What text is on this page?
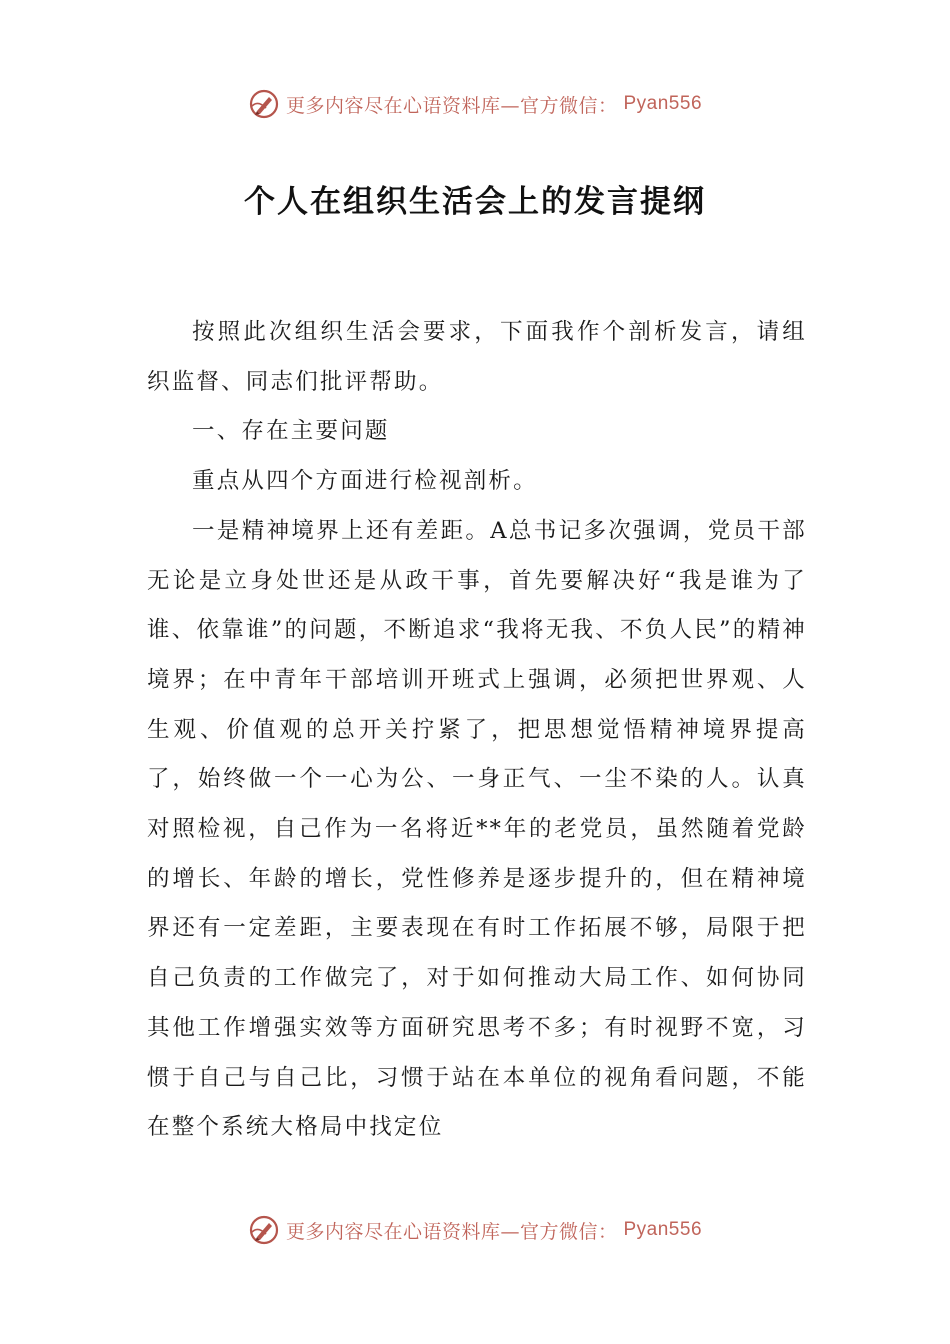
更多内容尽在心语资料库—官方微信： Pyan556
个人在组织生活会上的发言提纲

按照此次组织生活会要求，下面我作个剖析发言，请组织监督、同志们批评帮助。

一、存在主要问题

重点从四个方面进行检视剖析。

一是精神境界上还有差距。A总书记多次强调，党员干部无论是立身处世还是从政干事，首先要解决好“我是谁为了谁、依靠谁”的问题，不断追求“我将无我、不负人民”的精神境界；在中青年干部培训开班式上强调，必须把世界观、人生观、价值观的总开关拧紧了，把思想觉悟精神境界提高了，始终做一个一心为公、一身正气、一尘不染的人。认真对照检视，自己作为一名将近**年的老党员，虽然随着党龄的增长、年龄的增长，党性修养是逐步提升的，但在精神境界还有一定差距，主要表现在有时工作拓展不够，局限于把自己负责的工作做完了，对于如何推动大局工作、如何协同其他工作增强实效等方面研究思考不多；有时视野不宽，习惯于自己与自己比，习惯于站在本单位的视角看问题，不能在整个系统大格局中找定位

更多内容尽在心语资料库—官方微信： Pyan556
